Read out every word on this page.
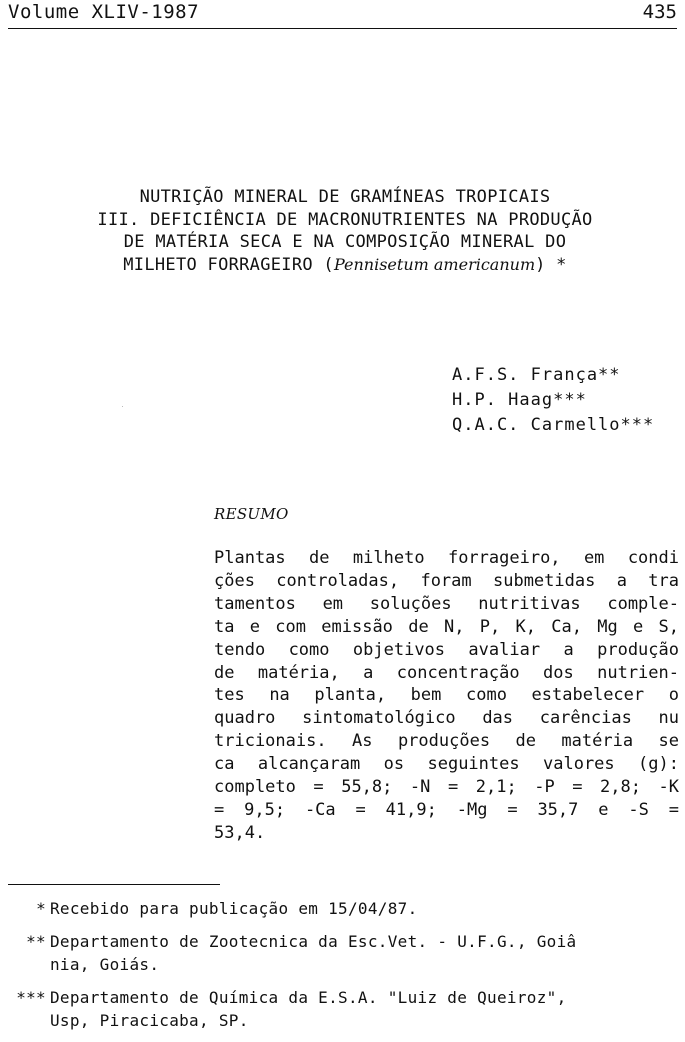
Volume XLIV-1987	435
NUTRIÇÃO MINERAL DE GRAMÍNEAS TROPICAIS
III. DEFICIÊNCIA DE MACRONUTRIENTES NA PRODUÇÃO
DE MATÉRIA SECA E NA COMPOSIÇÃO MINERAL DO
MILHETO FORRAGEIRO (Pennisetum americanum) *
A.F.S. França**
H.P. Haag***
Q.A.C. Carmello***
RESUMO
Plantas de milheto forrageiro, em condi
ções controladas, foram submetidas a tra
tamentos em soluções nutritivas comple-
ta e com emissão de N, P, K, Ca, Mg e S,
tendo como objetivos avaliar a produção
de matéria, a concentração dos nutrien-
tes na planta, bem como estabelecer o
quadro sintomatológico das carências nu
tricionais. As produções de matéria se
ca alcançaram os seguintes valores (g):
completo = 55,8; -N = 2,1; -P = 2,8; -K
= 9,5; -Ca = 41,9; -Mg = 35,7 e -S =
53,4.
* Recebido para publicação em 15/04/87.
** Departamento de Zootecnica da Esc.Vet. - U.F.G., Goiâ
nia, Goiás.
*** Departamento de Química da E.S.A. "Luiz de Queiroz",
Usp, Piracicaba, SP.
